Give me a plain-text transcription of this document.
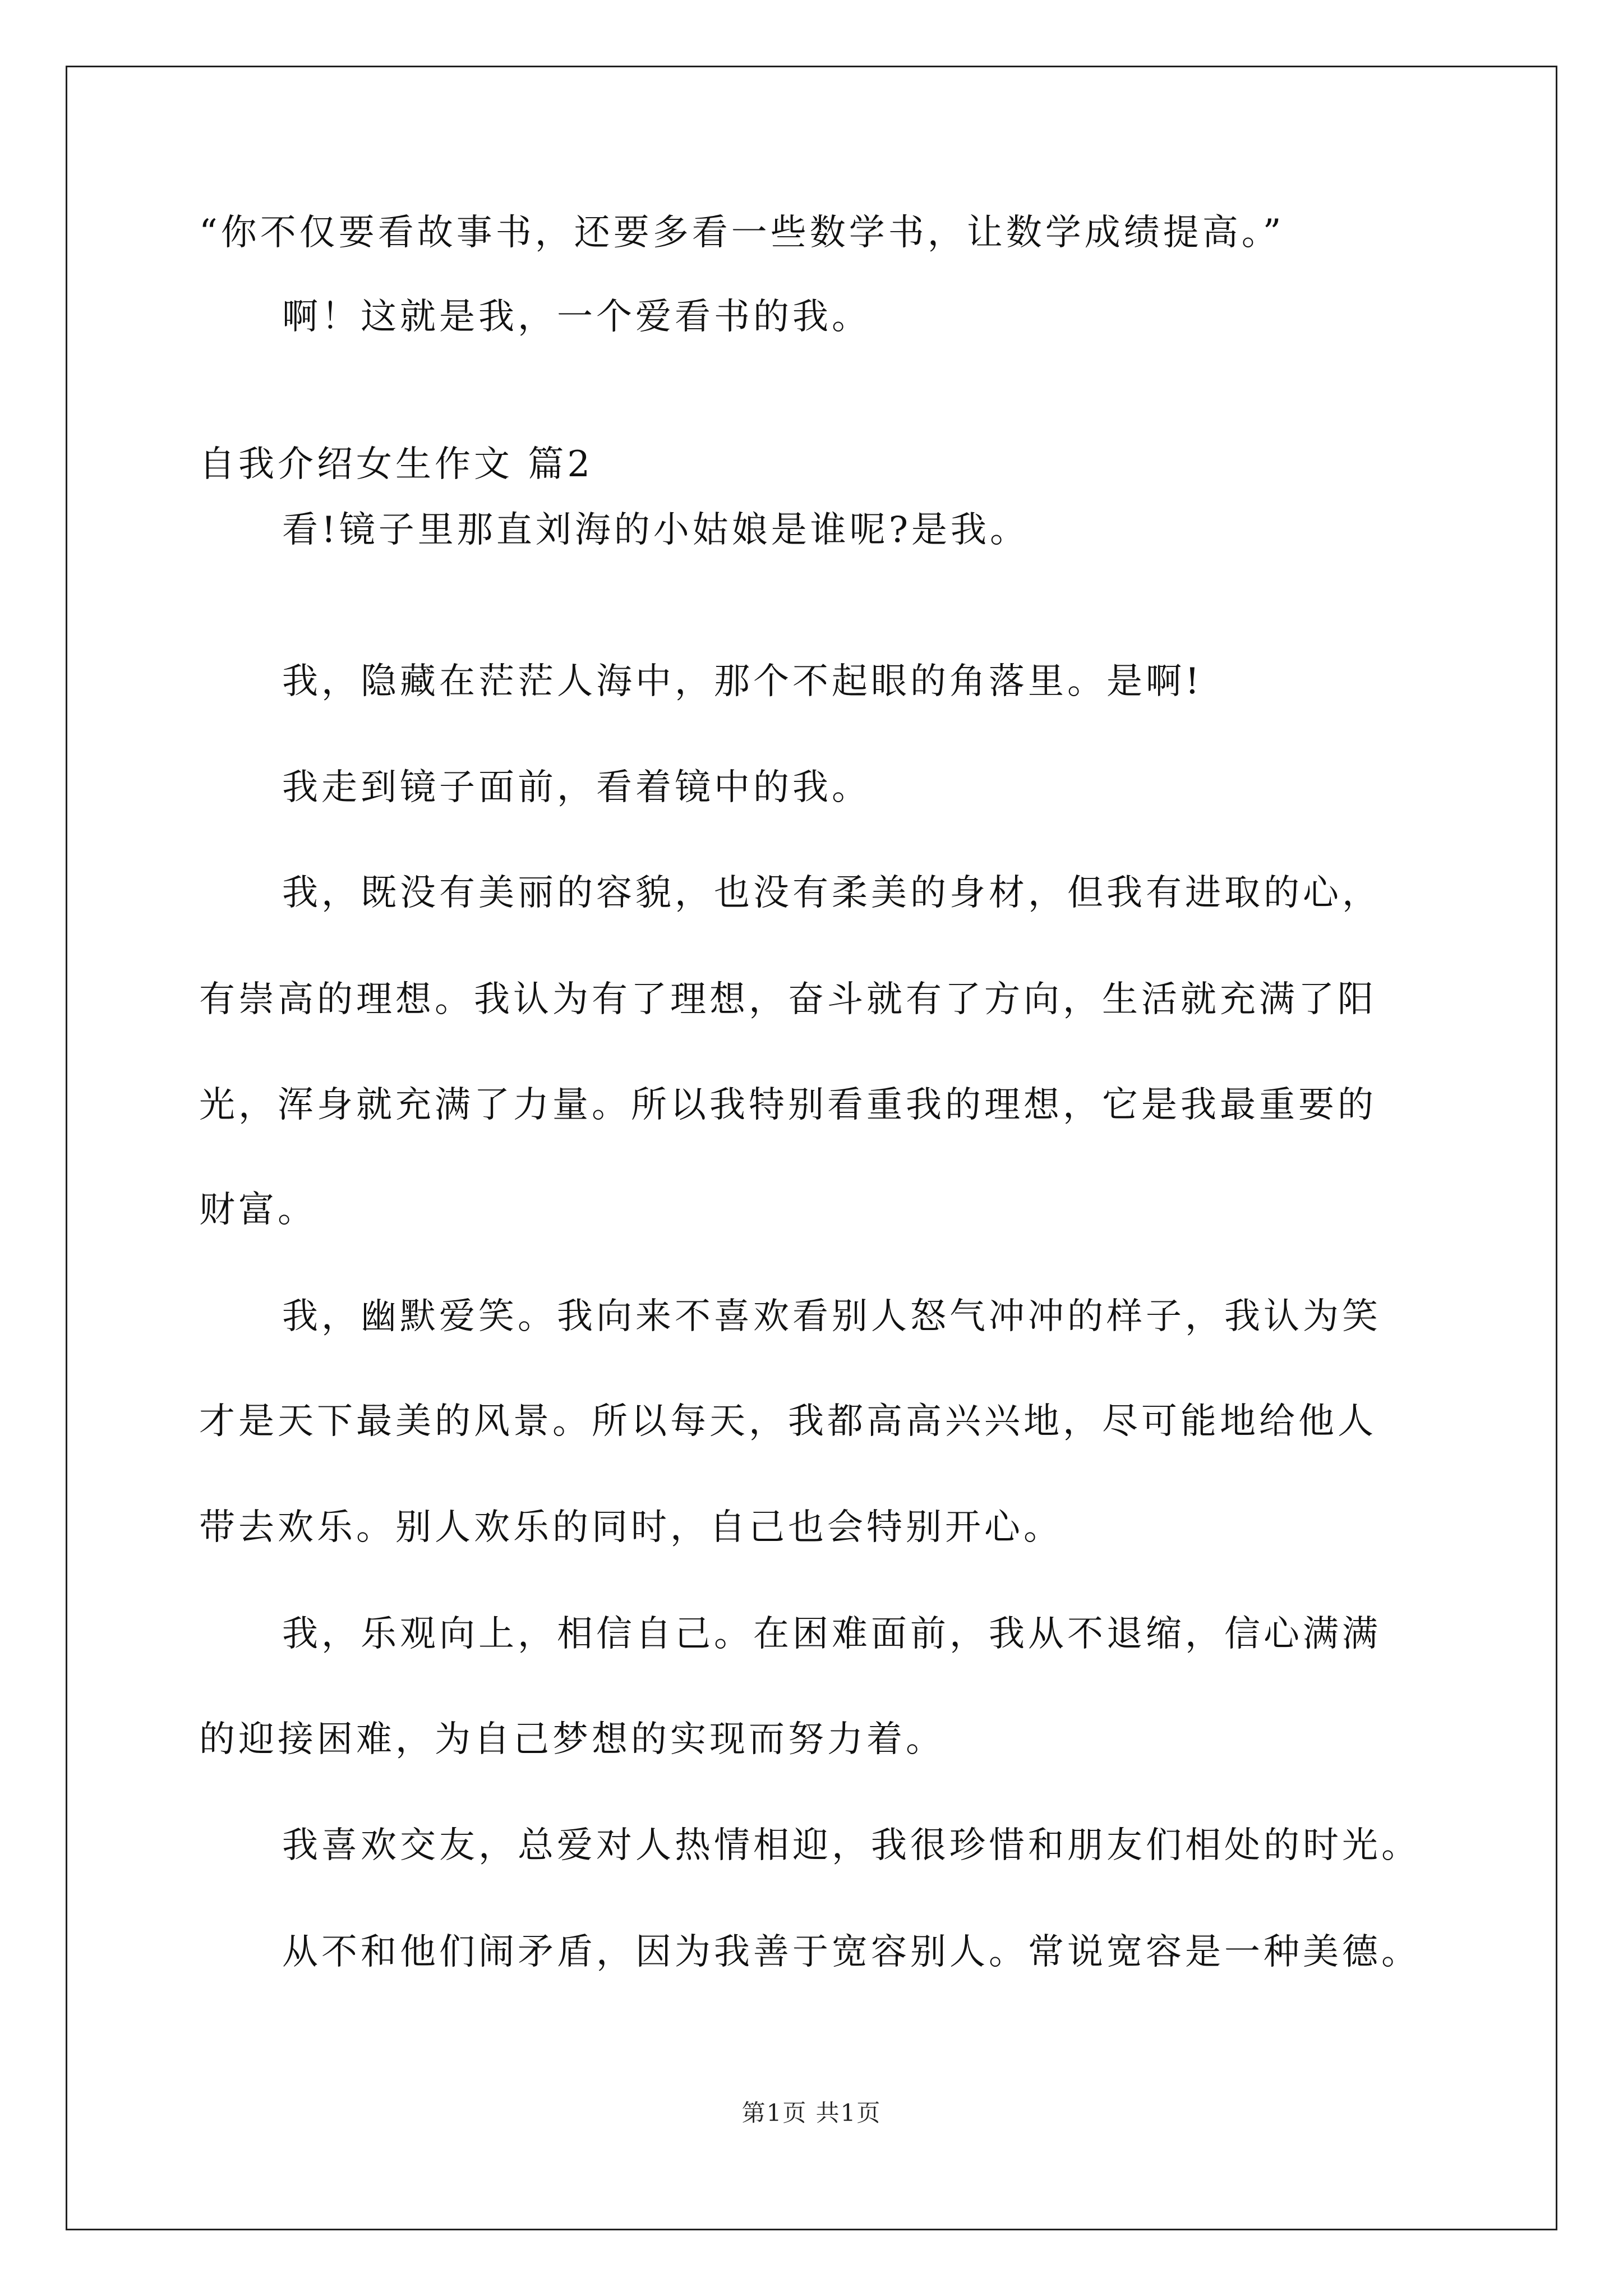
“你不仅要看故事书，还要多看一些数学书，让数学成绩提高。”
啊！这就是我，一个爱看书的我。
自我介绍女生作文 篇2
看!镜子里那直刘海的小姑娘是谁呢?是我。
我，隐藏在茫茫人海中，那个不起眼的角落里。是啊!
我走到镜子面前，看着镜中的我。
我，既没有美丽的容貌，也没有柔美的身材，但我有进取的心，
有崇高的理想。我认为有了理想，奋斗就有了方向，生活就充满了阳
光，浑身就充满了力量。所以我特别看重我的理想，它是我最重要的
财富。
我，幽默爱笑。我向来不喜欢看别人怒气冲冲的样子，我认为笑
才是天下最美的风景。所以每天，我都高高兴兴地，尽可能地给他人
带去欢乐。别人欢乐的同时，自己也会特别开心。
我，乐观向上，相信自己。在困难面前，我从不退缩，信心满满
的迎接困难，为自己梦想的实现而努力着。
我喜欢交友，总爱对人热情相迎，我很珍惜和朋友们相处的时光。
从不和他们闹矛盾，因为我善于宽容别人。常说宽容是一种美德。
第1页 共1页
